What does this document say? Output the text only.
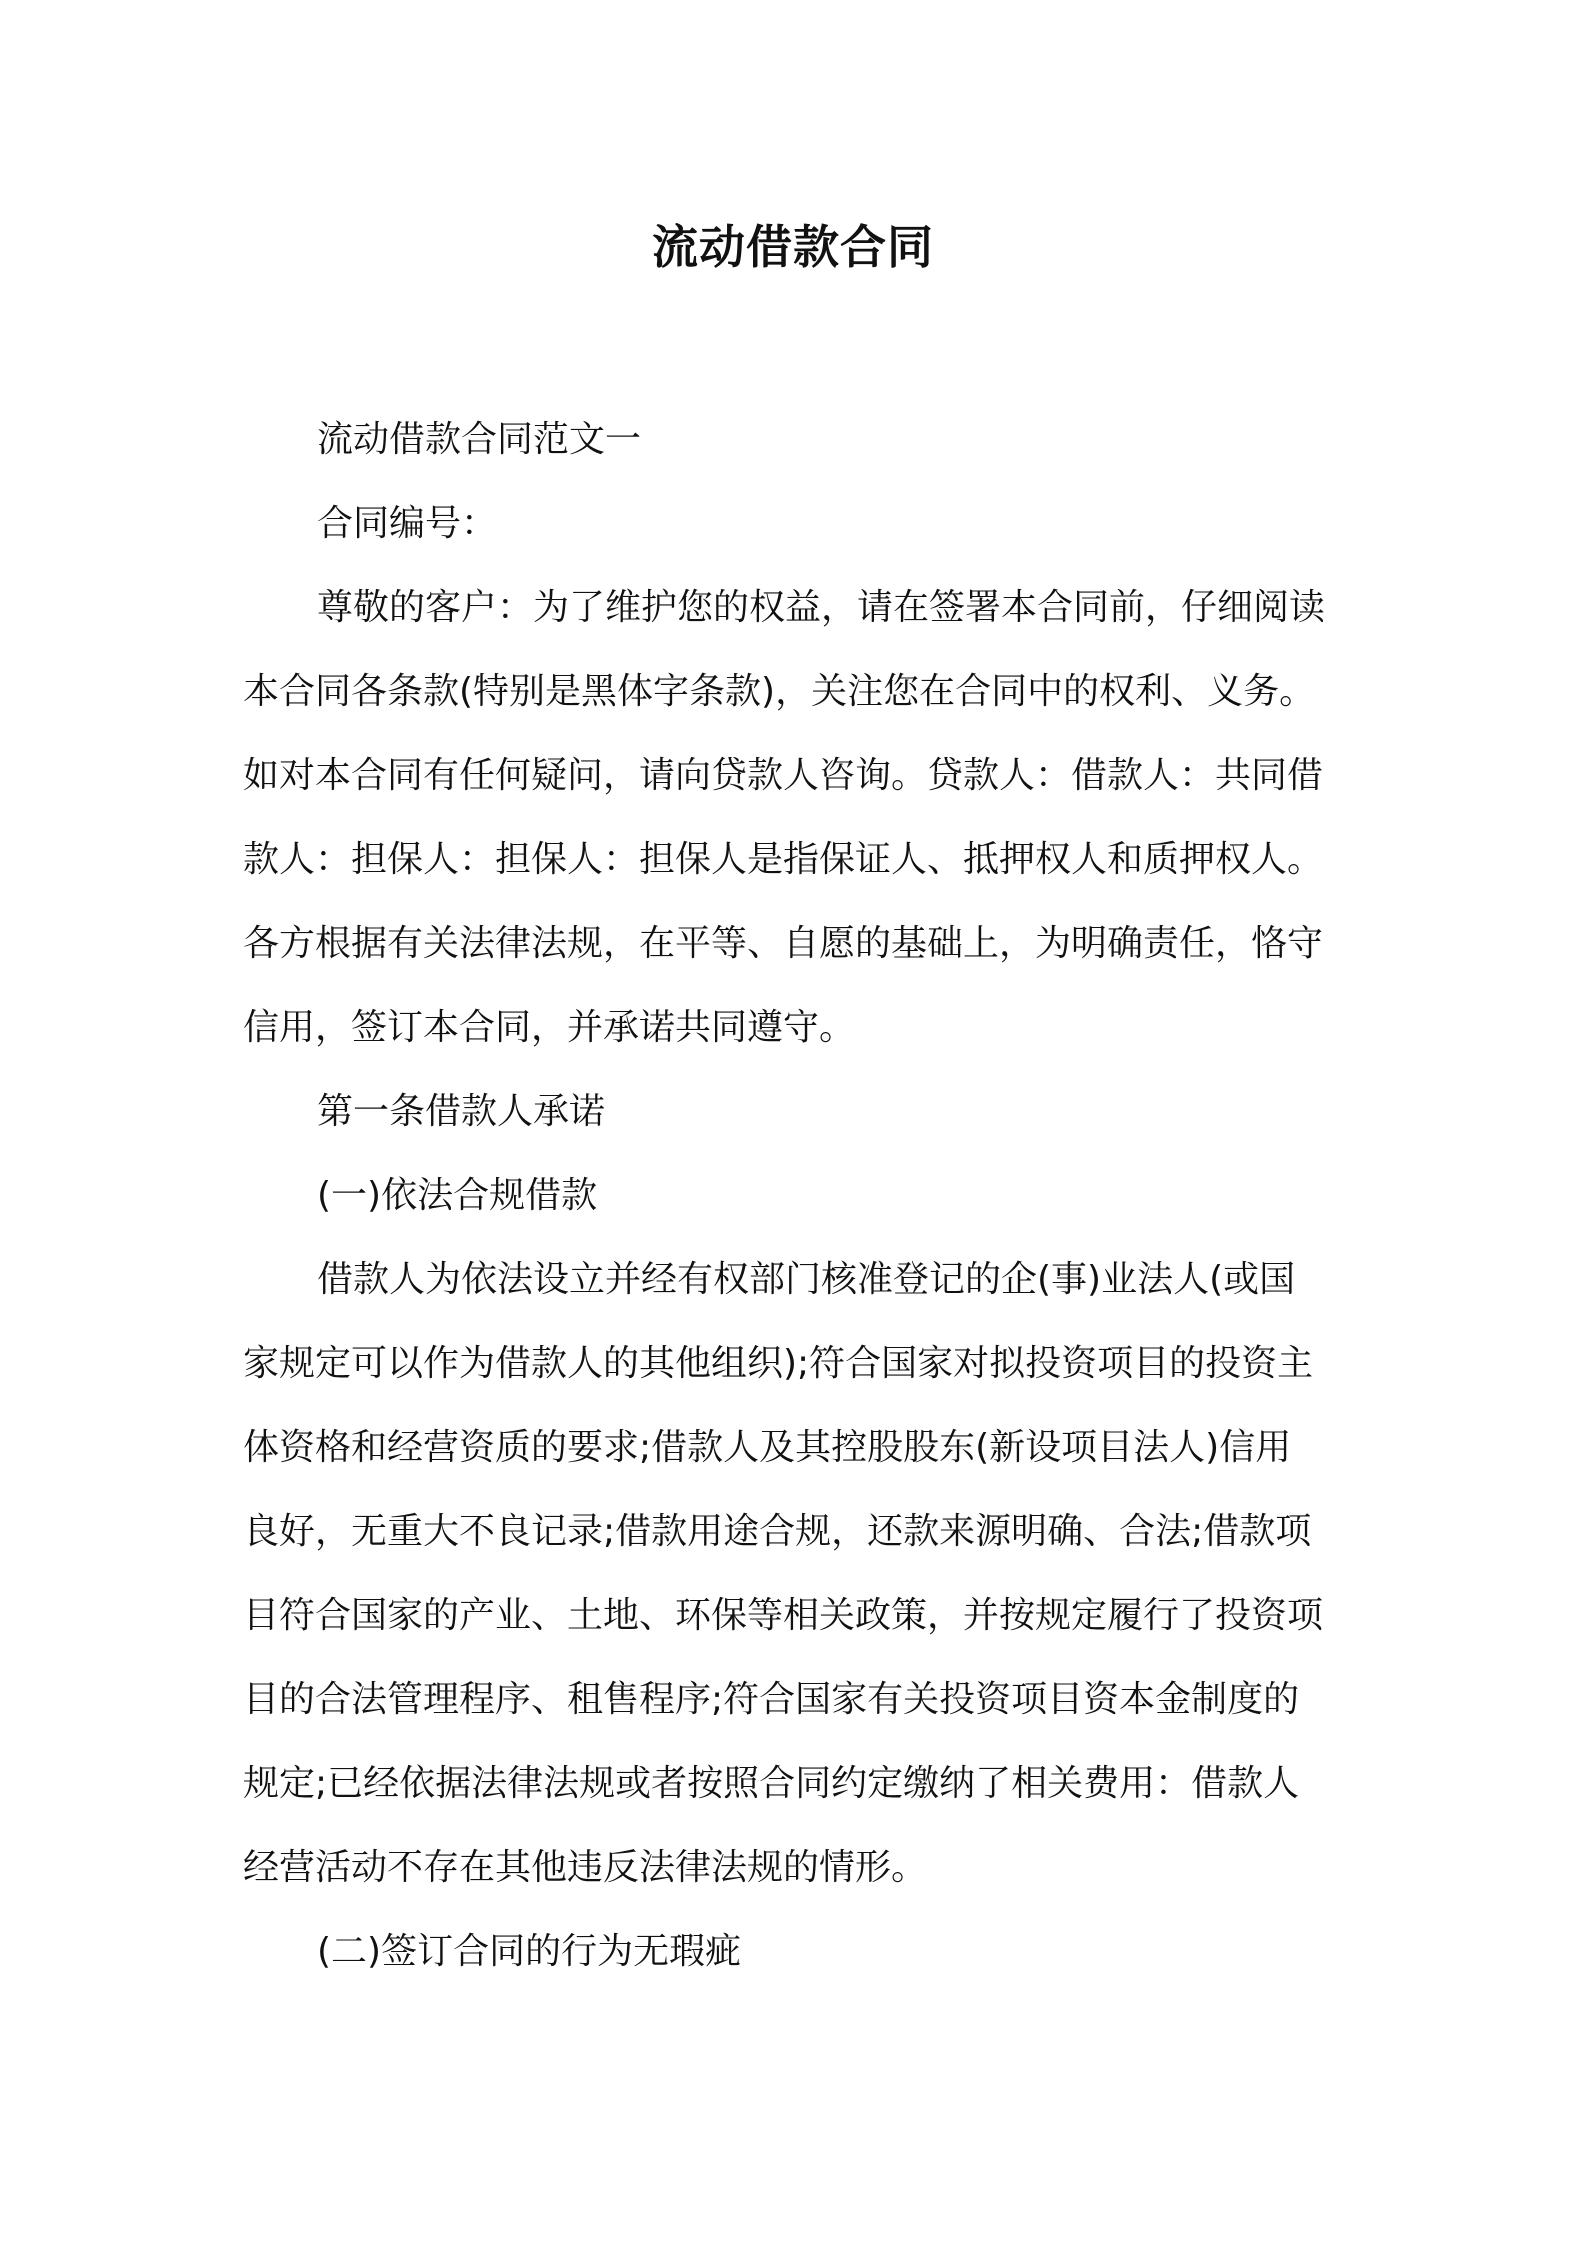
流动借款合同

流动借款合同范文一

合同编号：

尊敬的客户：为了维护您的权益，请在签署本合同前，仔细阅读
本合同各条款(特别是黑体字条款)，关注您在合同中的权利、义务。
如对本合同有任何疑问，请向贷款人咨询。贷款人：借款人：共同借
款人：担保人：担保人：担保人是指保证人、抵押权人和质押权人。
各方根据有关法律法规，在平等、自愿的基础上，为明确责任，恪守
信用，签订本合同，并承诺共同遵守。

第一条借款人承诺

(一)依法合规借款

借款人为依法设立并经有权部门核准登记的企(事)业法人(或国
家规定可以作为借款人的其他组织);符合国家对拟投资项目的投资主
体资格和经营资质的要求;借款人及其控股股东(新设项目法人)信用
良好，无重大不良记录;借款用途合规，还款来源明确、合法;借款项
目符合国家的产业、土地、环保等相关政策，并按规定履行了投资项
目的合法管理程序、租售程序;符合国家有关投资项目资本金制度的
规定;已经依据法律法规或者按照合同约定缴纳了相关费用：借款人
经营活动不存在其他违反法律法规的情形。

(二)签订合同的行为无瑕疵
